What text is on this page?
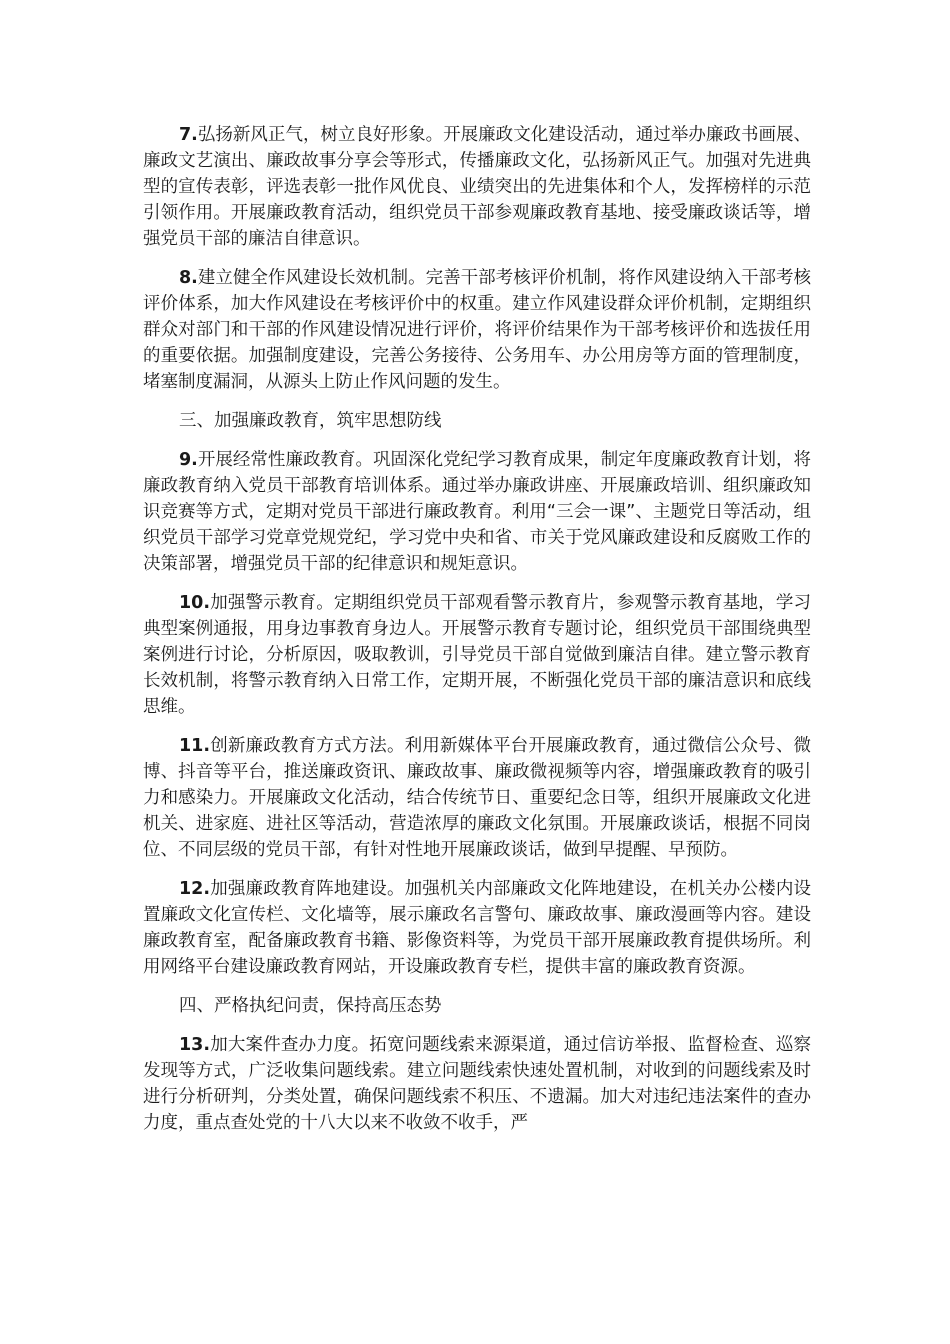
7.弘扬新风正气，树立良好形象。开展廉政文化建设活动，通过举办廉政书画展、廉政文艺演出、廉政故事分享会等形式，传播廉政文化，弘扬新风正气。加强对先进典型的宣传表彰，评选表彰一批作风优良、业绩突出的先进集体和个人，发挥榜样的示范引领作用。开展廉政教育活动，组织党员干部参观廉政教育基地、接受廉政谈话等，增强党员干部的廉洁自律意识。

8.建立健全作风建设长效机制。完善干部考核评价机制，将作风建设纳入干部考核评价体系，加大作风建设在考核评价中的权重。建立作风建设群众评价机制，定期组织群众对部门和干部的作风建设情况进行评价，将评价结果作为干部考核评价和选拔任用的重要依据。加强制度建设，完善公务接待、公务用车、办公用房等方面的管理制度，堵塞制度漏洞，从源头上防止作风问题的发生。

三、加强廉政教育，筑牢思想防线

9.开展经常性廉政教育。巩固深化党纪学习教育成果，制定年度廉政教育计划，将廉政教育纳入党员干部教育培训体系。通过举办廉政讲座、开展廉政培训、组织廉政知识竞赛等方式，定期对党员干部进行廉政教育。利用“三会一课”、主题党日等活动，组织党员干部学习党章党规党纪，学习党中央和省、市关于党风廉政建设和反腐败工作的决策部署，增强党员干部的纪律意识和规矩意识。

10.加强警示教育。定期组织党员干部观看警示教育片，参观警示教育基地，学习典型案例通报，用身边事教育身边人。开展警示教育专题讨论，组织党员干部围绕典型案例进行讨论，分析原因，吸取教训，引导党员干部自觉做到廉洁自律。建立警示教育长效机制，将警示教育纳入日常工作，定期开展，不断强化党员干部的廉洁意识和底线思维。

11.创新廉政教育方式方法。利用新媒体平台开展廉政教育，通过微信公众号、微博、抖音等平台，推送廉政资讯、廉政故事、廉政微视频等内容，增强廉政教育的吸引力和感染力。开展廉政文化活动，结合传统节日、重要纪念日等，组织开展廉政文化进机关、进家庭、进社区等活动，营造浓厚的廉政文化氛围。开展廉政谈话，根据不同岗位、不同层级的党员干部，有针对性地开展廉政谈话，做到早提醒、早预防。

12.加强廉政教育阵地建设。加强机关内部廉政文化阵地建设，在机关办公楼内设置廉政文化宣传栏、文化墙等，展示廉政名言警句、廉政故事、廉政漫画等内容。建设廉政教育室，配备廉政教育书籍、影像资料等，为党员干部开展廉政教育提供场所。利用网络平台建设廉政教育网站，开设廉政教育专栏，提供丰富的廉政教育资源。

四、严格执纪问责，保持高压态势

13.加大案件查办力度。拓宽问题线索来源渠道，通过信访举报、监督检查、巡察发现等方式，广泛收集问题线索。建立问题线索快速处置机制，对收到的问题线索及时进行分析研判，分类处置，确保问题线索不积压、不遗漏。加大对违纪违法案件的查办力度，重点查处党的十八大以来不收敛不收手，严
